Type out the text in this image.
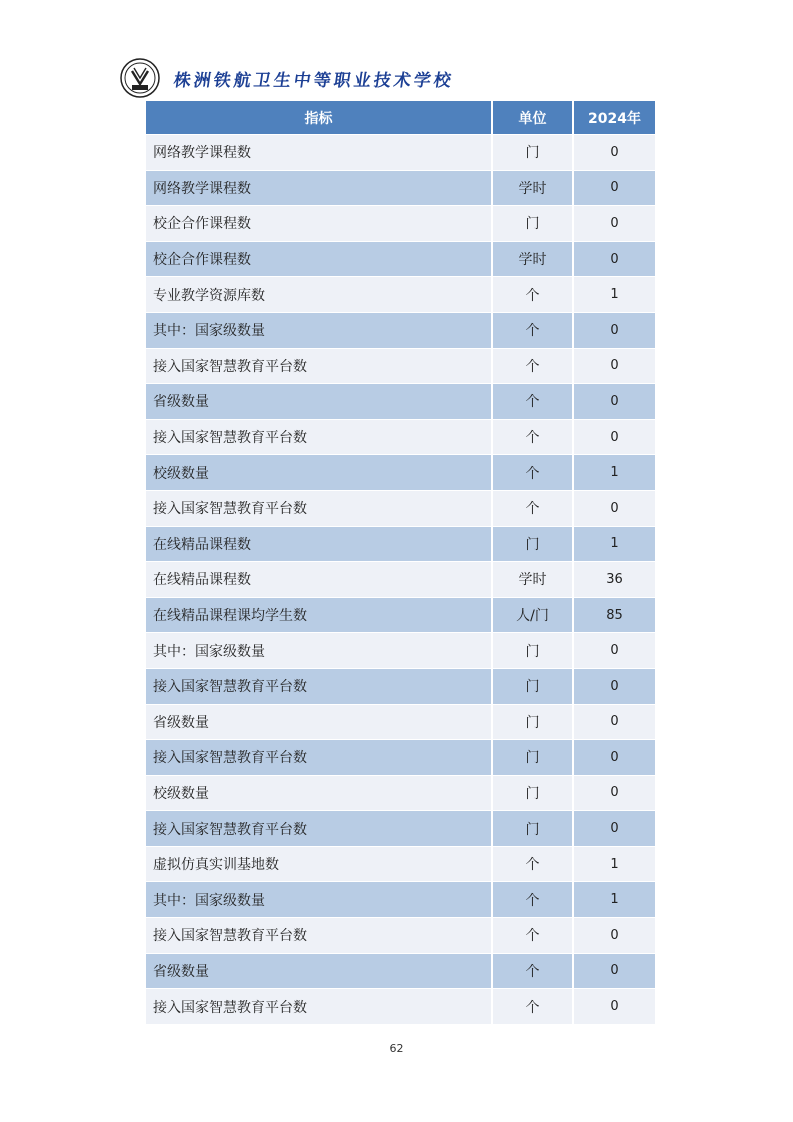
株洲铁航卫生中等职业技术学校
指标	单位	2024年
网络教学课程数	门	0
网络教学课程数	学时	0
校企合作课程数	门	0
校企合作课程数	学时	0
专业教学资源库数	个	1
其中：国家级数量	个	0
接入国家智慧教育平台数	个	0
省级数量	个	0
接入国家智慧教育平台数	个	0
校级数量	个	1
接入国家智慧教育平台数	个	0
在线精品课程数	门	1
在线精品课程数	学时	36
在线精品课程课均学生数	人/门	85
其中：国家级数量	门	0
接入国家智慧教育平台数	门	0
省级数量	门	0
接入国家智慧教育平台数	门	0
校级数量	门	0
接入国家智慧教育平台数	门	0
虚拟仿真实训基地数	个	1
其中：国家级数量	个	1
接入国家智慧教育平台数	个	0
省级数量	个	0
接入国家智慧教育平台数	个	0
62
